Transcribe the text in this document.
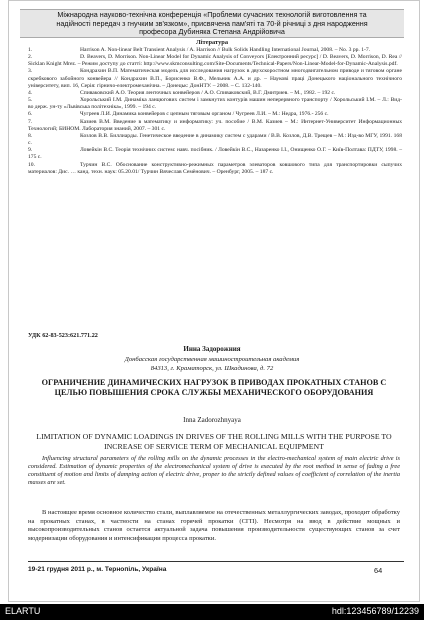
Міжнародна науково-технічна конференція «Проблеми сучасних технологій виготовлення та
надійності передач з гнучким зв'язком», присвячена пам'яті та 70-й річниці з дня народження
професора Дубиняка Степана Андрійовича
Література

1.	Harrison A. Non-linear Belt Transient Analysis / A. Harrison // Bulk Solids Handling International Journal, 2008. – No. 3 pp. 1-7.

2.	D. Beavers, D. Morrison. Non-Linear Model for Dynamic Analysis of Conveyors [Електронний ресурс] / D. Beavers, D. Morrison, D. Rea // Sicklan Knight Mrez. – Режим доступу до статті: http://www.skmconsulting.com/Site-Documents/Technical-Papers/Non-Linear-Model-for-Dynamic-Analysis.pdf.

3.	Кондрахин В.П. Математическая модель для исследования нагрузок в двухскоростном многодвигательном приводе и тяговом органе скребкового забойного конвейера // Кондрахин В.П., Борисенко В.Ф., Мельник А.А. и др. – Наукові праці Донецького національного технічного університету, вип. 16, Серія: гірничо-електромеханічна. – Донецьк: ДонНТУ. – 2008. – С. 132-140.

4.	Спиваковский А.О. Теория ленточных конвейеров / А.О. Спиваковский, В.Г. Дмитриев. – М., 1982. – 192 с.

5.	Хорольський І.М. Динаміка ланцюгових систем і замкнутих контурів машин неперервного транспорту / Хорольський І.М. – Л.: Вид-во держ. ун-ту «Львівська політехніка», 1999. – 194 с.

6.	Чугреев Л.И. Динамика конвейеров с цепным тяговым органом / Чугреев Л.И. – М.: Недра, 1976.- 256 с.

7.	Казиев В.М. Введение в математику и информатику: уч. пособие / В.М. Казиев – М.: Интернет-Университет Информационных Технологий; БИНОМ. Лаборатория знаний, 2007. – 301 с.

8.	Козлов В.В. Биллиарды. Генетическое введение в динамику систем с ударами / В.В. Козлов, Д.В. Трещев – М.: Изд-во МГУ, 1991. 168 с.

9.	Ловейкін В.С. Теорія технічних систем: навч. посібник. / Ловейкін В.С., Назаренко І.І., Онищенко О.Г. – Київ-Полтава: ПДТУ, 1998. – 175 с.

10.	Турчин В.С. Обоснование конструктивно-режимных параметров элеваторов ковшового типа для транспортировки сыпучих материалов: Дис. … канд. техн. наук: 05.20.01/ Турчин Вячеслав Семёнович. – Оренбург, 2005. – 187 с.

УДК 62-83-523:621.771.22
Инна Задорожния
Донбасская государственная машиностроительная академия
84313, г. Краматорск, ул. Шкадинова, д. 72
ОГРАНИЧЕНИЕ ДИНАМИЧЕСКИХ НАГРУЗОК В ПРИВОДАХ ПРОКАТНЫХ СТАНОВ С ЦЕЛЬЮ ПОВЫШЕНИЯ СРОКА СЛУЖБЫ МЕХАНИЧЕСКОГО ОБОРУДОВАНИЯ
Inna Zadorozhnyaya
LIMITATION OF DYNAMIC LOADINGS IN DRIVES OF THE ROLLING MILLS WITH THE PURPOSE TO INCREASE OF SERVICE TERM OF MECHANICAL EQUIPMENT
Influencing structural parameters of the rolling mills on the dynamic processes in the electro-mechanical system of main electric drive is considered. Estimation of dynamic properties of the electromechanical system of drive is executed by the root method in sense of fading a free constituent of motion and limits of damping action of electric drive, proper to the strictly defined values of coefficient of correlation of the inertia masses are set.
В настоящее время основное количество стали, выплавляемое на отечественных металлургических заводах, проходит обработку на прокатных станах, в частности на станах горячей прокатки (СГП). Несмотря на ввод в действие мощных и высокопроизводительных станов остается актуальной задача повышения производительности существующих станов за счет модернизации оборудования и интенсификации процесса прокатки.
19-21 грудня 2011 р., м. Тернопіль, Україна	64
ELARTU	hdl:123456789/12239
